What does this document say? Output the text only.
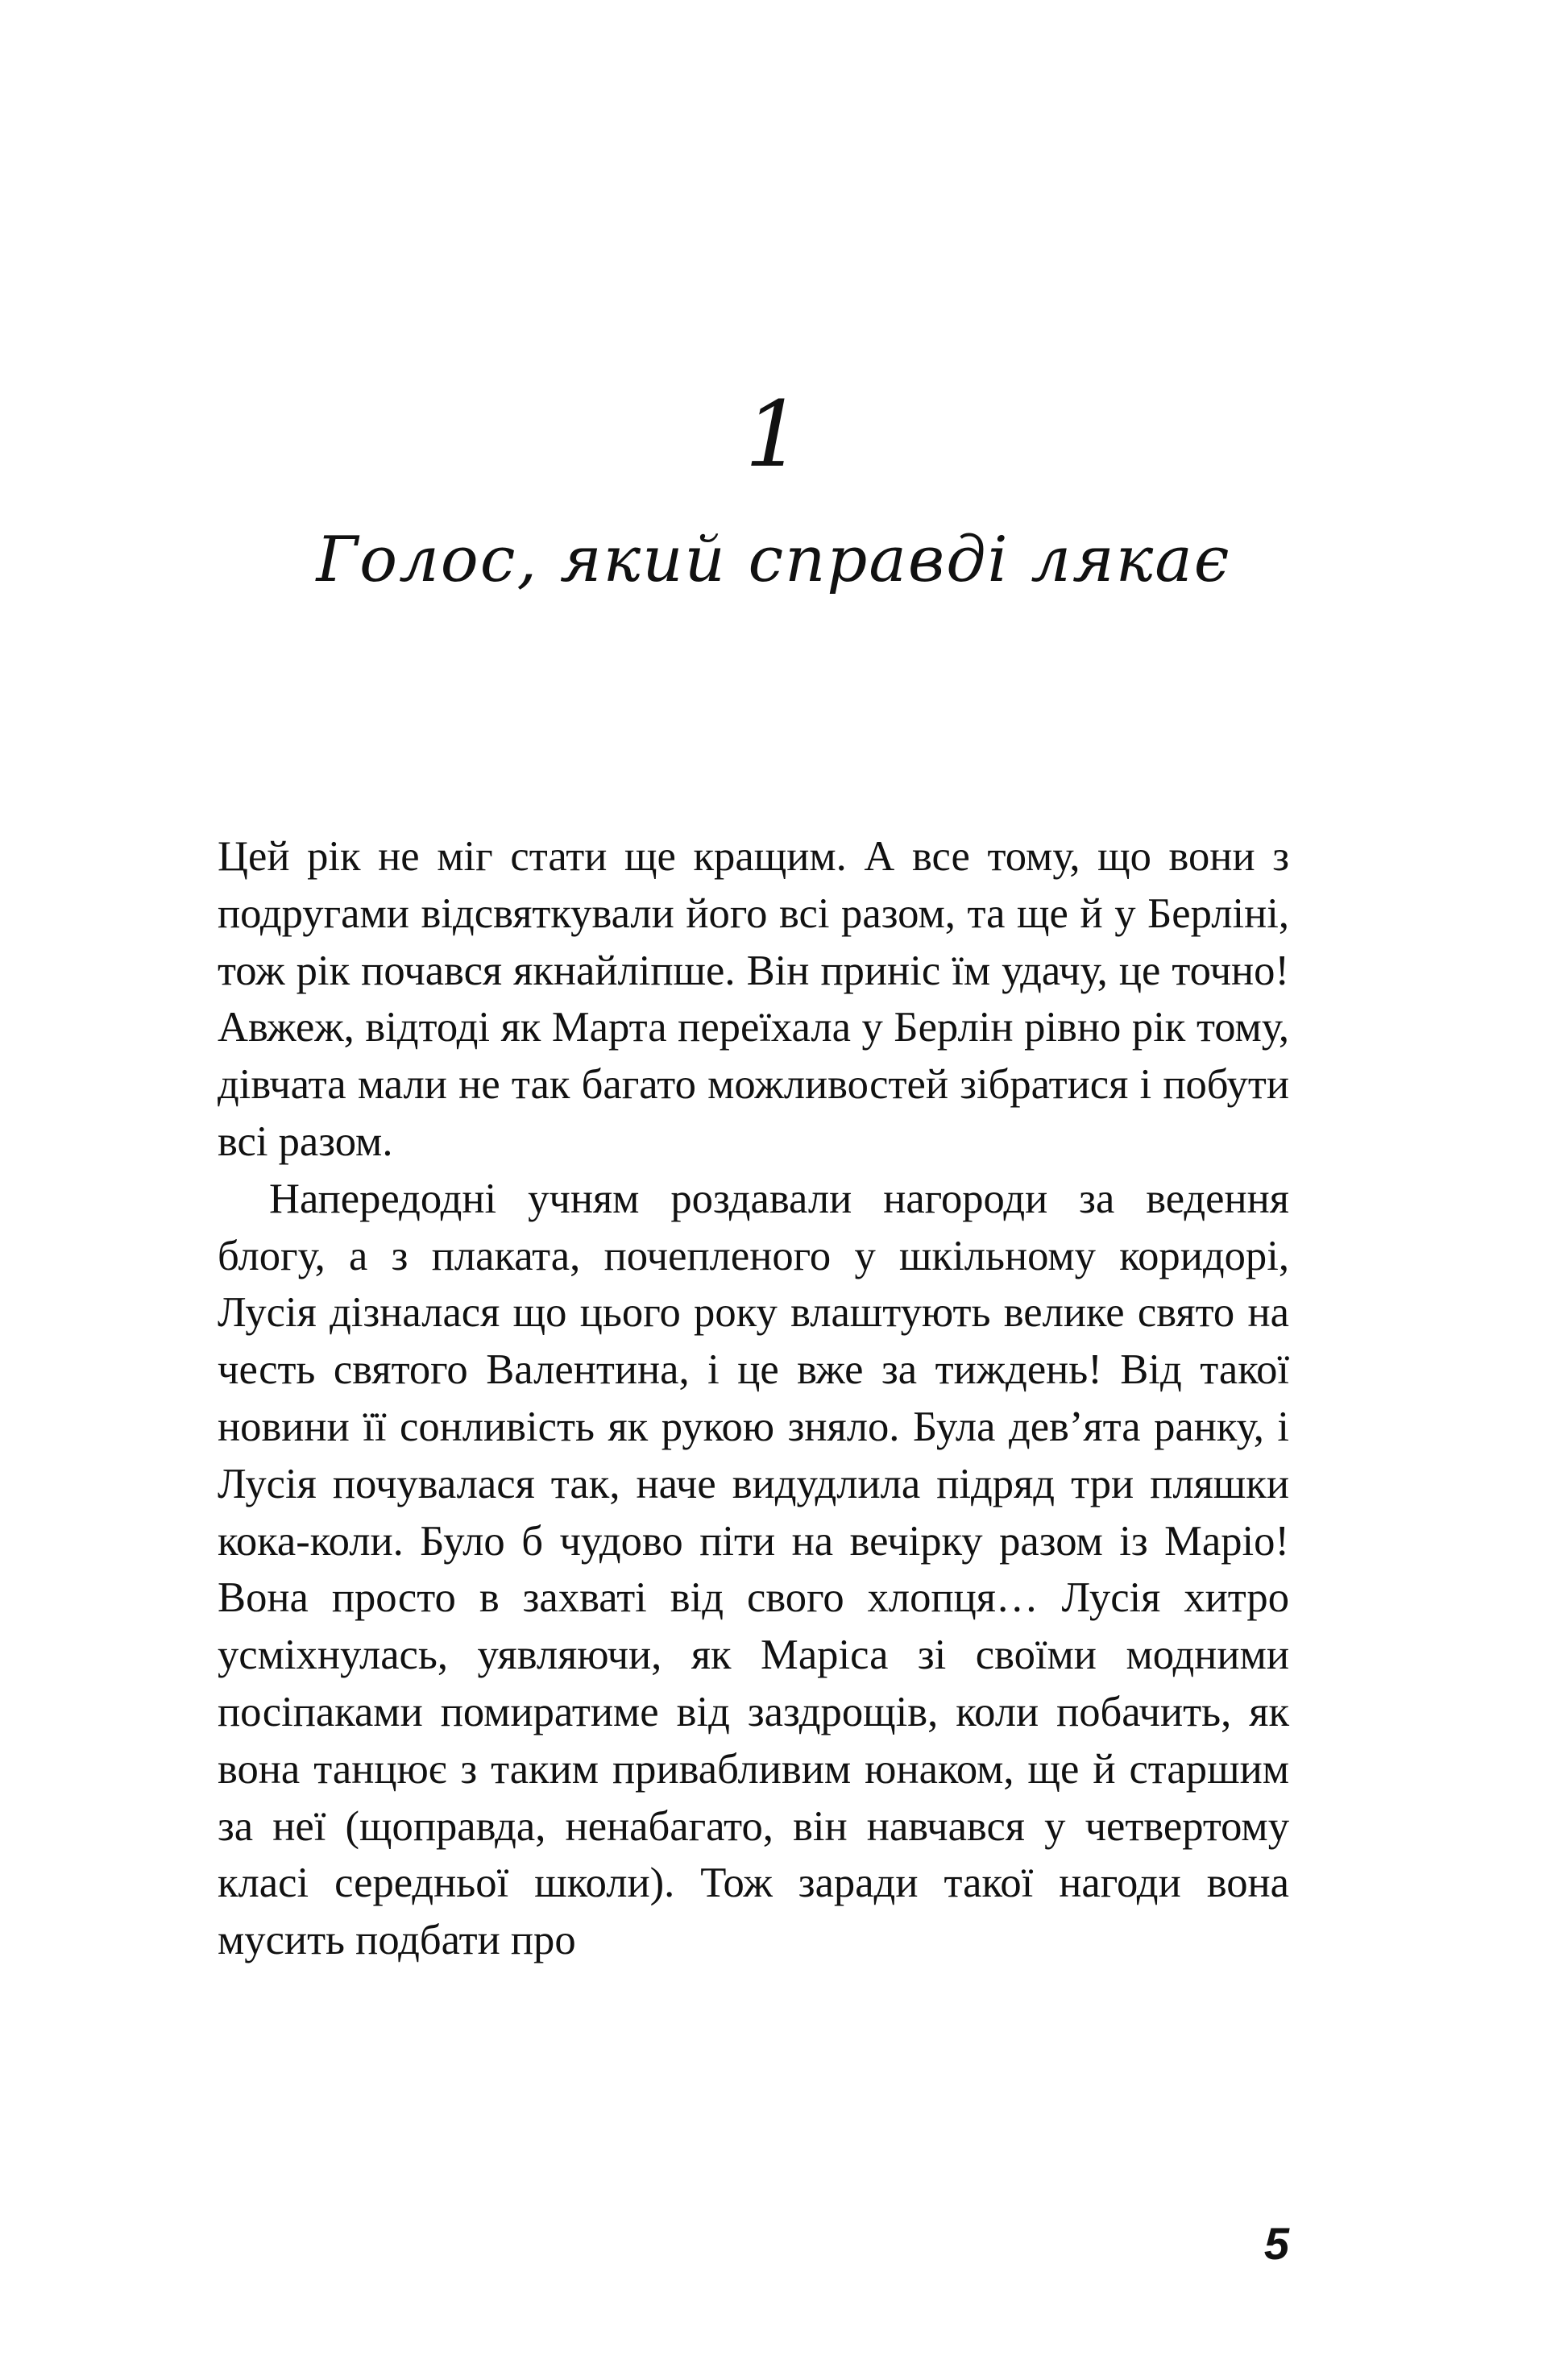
1
Голос, який справді лякає

Цей рік не міг стати ще кращим. А все тому, що вони з подругами відсвяткували його всі разом, та ще й у Берліні, тож рік почався якнайліпше. Він приніс їм удачу, це точно! Авжеж, відтоді як Марта переїхала у Берлін рівно рік тому, дівчата мали не так багато можливостей зібратися і побути всі разом.

Напередодні учням роздавали нагороди за ведення блогу, а з плаката, почепленого у шкільному коридорі, Лусія дізналася що цього року влаштують велике свято на честь святого Валентина, і це вже за тиждень! Від такої новини її сонливість як рукою зняло. Була дев’ята ранку, і Лусія почувалася так, наче видудлила підряд три пляшки кока-коли. Було б чудово піти на вечірку разом із Маріо! Вона просто в захваті від свого хлопця… Лусія хитро усміхнулась, уявляючи, як Маріса зі своїми модними посіпаками помиратиме від заздрощів, коли побачить, як вона танцює з таким привабливим юнаком, ще й старшим за неї (щоправда, ненабагато, він навчався у четвертому класі середньої школи). Тож заради такої нагоди вона мусить подбати про

5
